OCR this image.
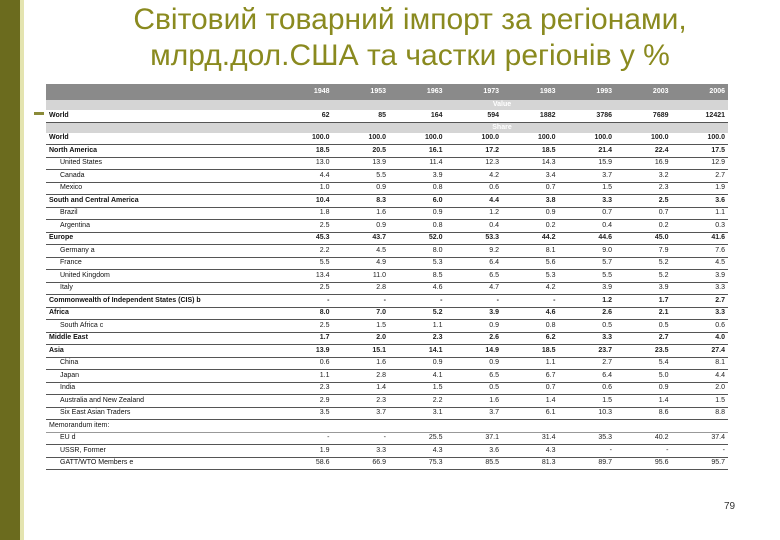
Світовий товарний імпорт за регіонами,
млрд.дол.США та частки регіонів у %
	1948	1953	1963	1973	1983	1993	2003	2006
	Value							
World	62	85	164	594	1882	3786	7689	12421
	Share							
World	100.0	100.0	100.0	100.0	100.0	100.0	100.0	100.0
North America	18.5	20.5	16.1	17.2	18.5	21.4	22.4	17.5
United States	13.0	13.9	11.4	12.3	14.3	15.9	16.9	12.9
Canada	4.4	5.5	3.9	4.2	3.4	3.7	3.2	2.7
Mexico	1.0	0.9	0.8	0.6	0.7	1.5	2.3	1.9
South and Central America	10.4	8.3	6.0	4.4	3.8	3.3	2.5	3.6
Brazil	1.8	1.6	0.9	1.2	0.9	0.7	0.7	1.1
Argentina	2.5	0.9	0.8	0.4	0.2	0.4	0.2	0.3
Europe	45.3	43.7	52.0	53.3	44.2	44.6	45.0	41.6
Germany a	2.2	4.5	8.0	9.2	8.1	9.0	7.9	7.6
France	5.5	4.9	5.3	6.4	5.6	5.7	5.2	4.5
United Kingdom	13.4	11.0	8.5	6.5	5.3	5.5	5.2	3.9
Italy	2.5	2.8	4.6	4.7	4.2	3.9	3.9	3.3
Commonwealth of Independent States (CIS) b	-	-	-	-	-	1.2	1.7	2.7
Africa	8.0	7.0	5.2	3.9	4.6	2.6	2.1	3.3
South Africa c	2.5	1.5	1.1	0.9	0.8	0.5	0.5	0.6
Middle East	1.7	2.0	2.3	2.6	6.2	3.3	2.7	4.0
Asia	13.9	15.1	14.1	14.9	18.5	23.7	23.5	27.4
China	0.6	1.6	0.9	0.9	1.1	2.7	5.4	8.1
Japan	1.1	2.8	4.1	6.5	6.7	6.4	5.0	4.4
India	2.3	1.4	1.5	0.5	0.7	0.6	0.9	2.0
Australia and New Zealand	2.9	2.3	2.2	1.6	1.4	1.5	1.4	1.5
Six East Asian Traders	3.5	3.7	3.1	3.7	6.1	10.3	8.6	8.8
Memorandum item:								
EU d	-	-	25.5	37.1	31.4	35.3	40.2	37.4
USSR, Former	1.9	3.3	4.3	3.6	4.3	-	-	-
GATT/WTO Members e	58.6	66.9	75.3	85.5	81.3	89.7	95.6	95.7
79
